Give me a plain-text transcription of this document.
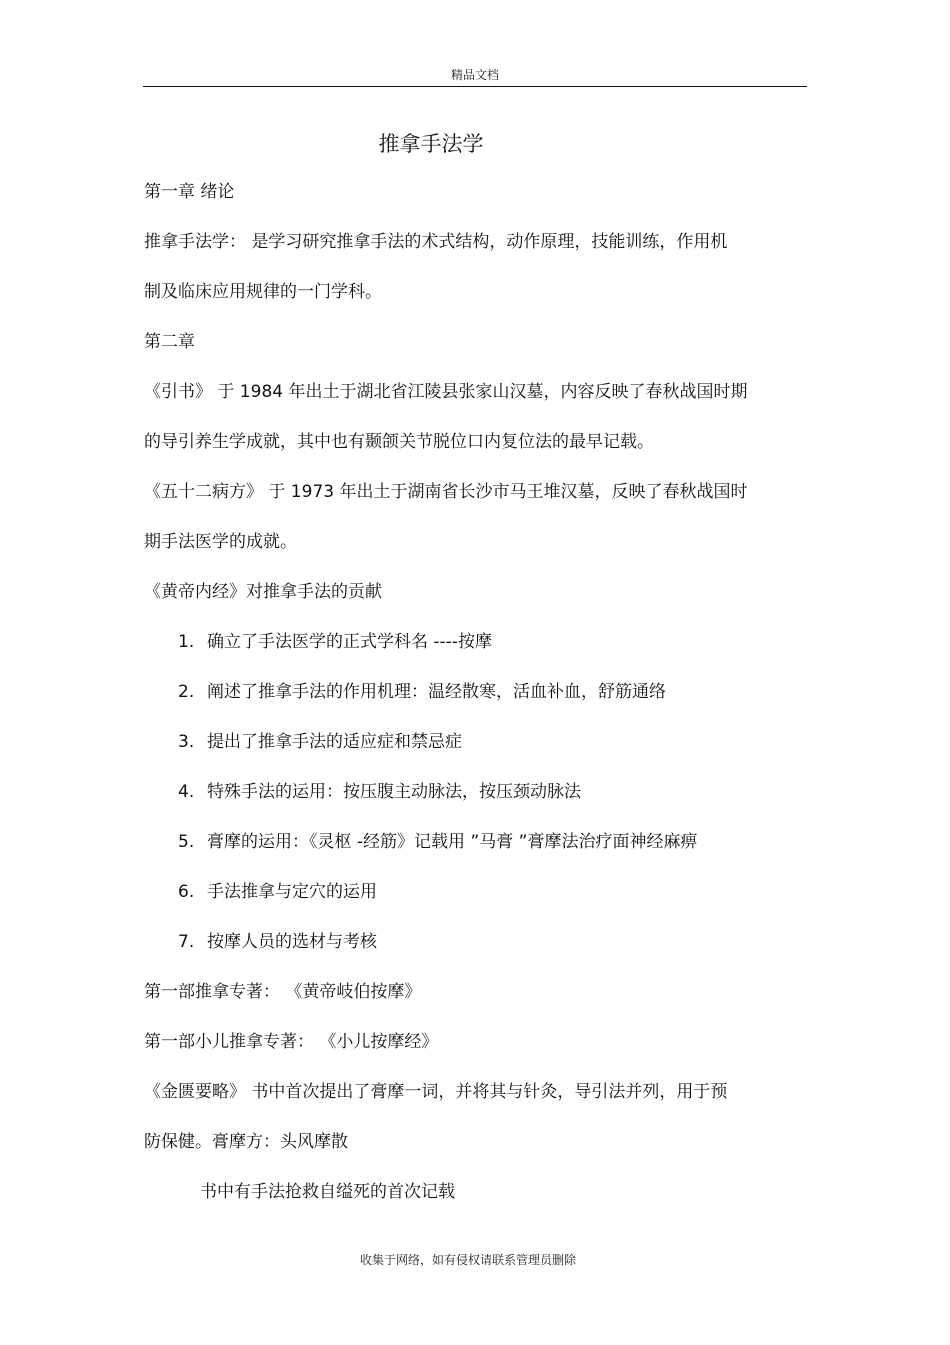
精品文档
推拿手法学
第一章 绪论
推拿手法学： 是学习研究推拿手法的术式结构，动作原理，技能训练，作用机
制及临床应用规律的一门学科。
第二章
《引书》 于 1984 年出土于湖北省江陵县张家山汉墓，内容反映了春秋战国时期
的导引养生学成就，其中也有颞颌关节脱位口内复位法的最早记载。
《五十二病方》 于 1973 年出土于湖南省长沙市马王堆汉墓，反映了春秋战国时
期手法医学的成就。
《黄帝内经》对推拿手法的贡献
1. 确立了手法医学的正式学科名 ----按摩
2. 阐述了推拿手法的作用机理：温经散寒，活血补血，舒筋通络
3. 提出了推拿手法的适应症和禁忌症
4. 特殊手法的运用：按压腹主动脉法，按压颈动脉法
5. 膏摩的运用：《灵枢 -经筋》记载用 ”马膏 ”膏摩法治疗面神经麻痹
6. 手法推拿与定穴的运用
7. 按摩人员的选材与考核
第一部推拿专著： 《黄帝岐伯按摩》
第一部小儿推拿专著： 《小儿按摩经》
《金匮要略》 书中首次提出了膏摩一词，并将其与针灸，导引法并列，用于预
防保健。膏摩方：头风摩散
书中有手法抢救自缢死的首次记载
收集于网络，如有侵权请联系管理员删除
